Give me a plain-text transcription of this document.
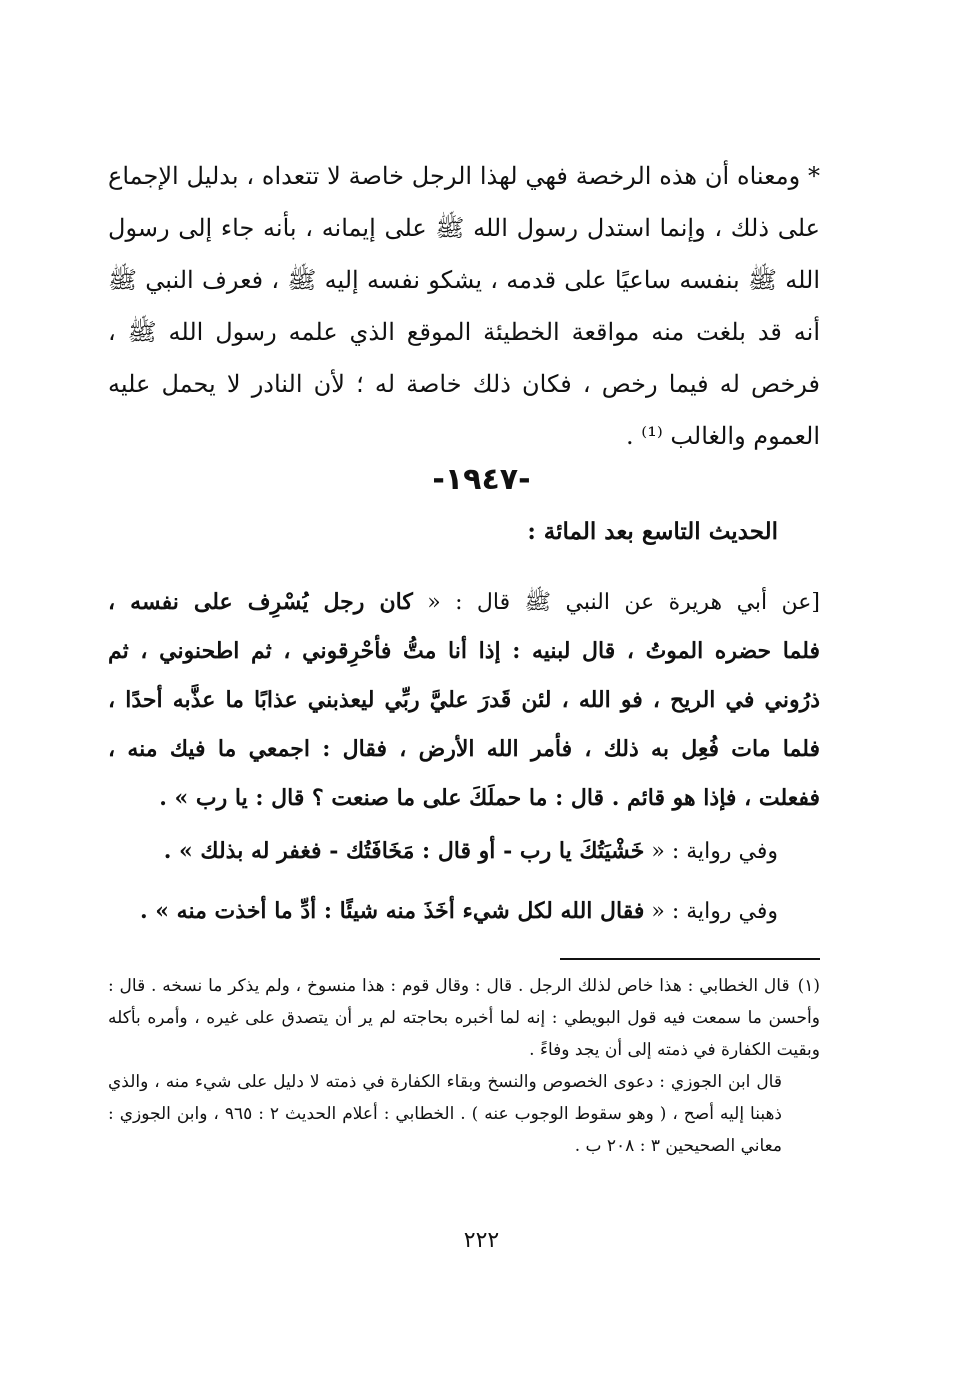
* ومعناه أن هذه الرخصة فهي لهذا الرجل خاصة لا تتعداه ، بدليل الإجماع على ذلك ، وإنما استدل رسول الله ﷺ على إيمانه ، بأنه جاء إلى رسول الله ﷺ بنفسه ساعيًا على قدمه ، يشكو نفسه إليه ﷺ ، فعرف النبي ﷺ أنه قد بلغت منه مواقعة الخطيئة الموقع الذي علمه رسول الله ﷺ ، فرخص له فيما رخص ، فكان ذلك خاصة له ؛ لأن النادر لا يحمل عليه العموم والغالب ⁽¹⁾ .

-١٩٤٧-
الحديث التاسع بعد المائة :

[عن أبي هريرة عن النبي ﷺ قال : « كان رجل يُسْرِف على نفسه ،

فلما حضره الموتُ ، قال لبنيه : إذا أنا متُّ فأحْرِقوني ، ثم اطحنوني ، ثم

ذرُوني في الريح ، فو الله ، لئن قَدرَ عليَّ ربِّي ليعذبني عذابًا ما عذَّبه أحدًا ،

فلما مات فُعِل به ذلك ، فأمر الله الأرض ، فقال : اجمعي ما فيك منه ،

ففعلت ، فإذا هو قائم . قال : ما حملَكَ على ما صنعت ؟ قال : يا رب » .

وفي رواية : « خَشْيَتُكَ يا رب - أو قال : مَخَافَتُك - فغفر له بذلك » .
وفي رواية : « فقال الله لكل شيء أخَذَ منه شيئًا : أدِّ ما أخذت منه » .

(١)قال الخطابي : هذا خاص لذلك الرجل . قال : وقال قوم : هذا منسوخ ، ولم يذكر ما نسخه . قال : وأحسن ما سمعت فيه قول البويطي : إنه لما أخبره بحاجته لم ير أن يتصدق على غيره ، وأمره بأكله وبقيت الكفارة في ذمته إلى أن يجد وفاءً .

قال ابن الجوزي : دعوى الخصوص والنسخ وبقاء الكفارة في ذمته لا دليل على شيء منه ، والذي ذهبنا إليه أصح ، ( وهو سقوط الوجوب عنه ) . الخطابي : أعلام الحديث ٢ : ٩٦٥ ، وابن الجوزي : معاني الصحيحين ٣ : ٢٠٨ ب .

٢٢٢
